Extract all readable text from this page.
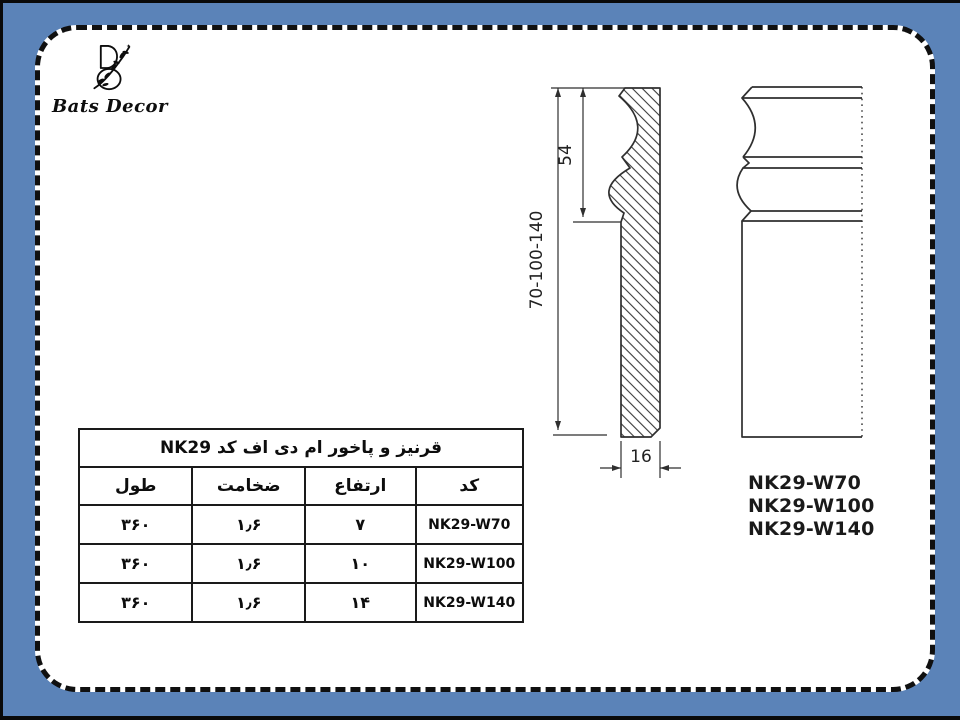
Bats Decor
70-100-140
54
16
NK29-W70
NK29-W100
NK29-W140
قرنیز و پاخور ام دی اف کد NK29			
کد	ارتفاع	ضخامت	طول
NK29-W70	۷	۱٫۶	۳۶۰
NK29-W100	۱۰	۱٫۶	۳۶۰
NK29-W140	۱۴	۱٫۶	۳۶۰
